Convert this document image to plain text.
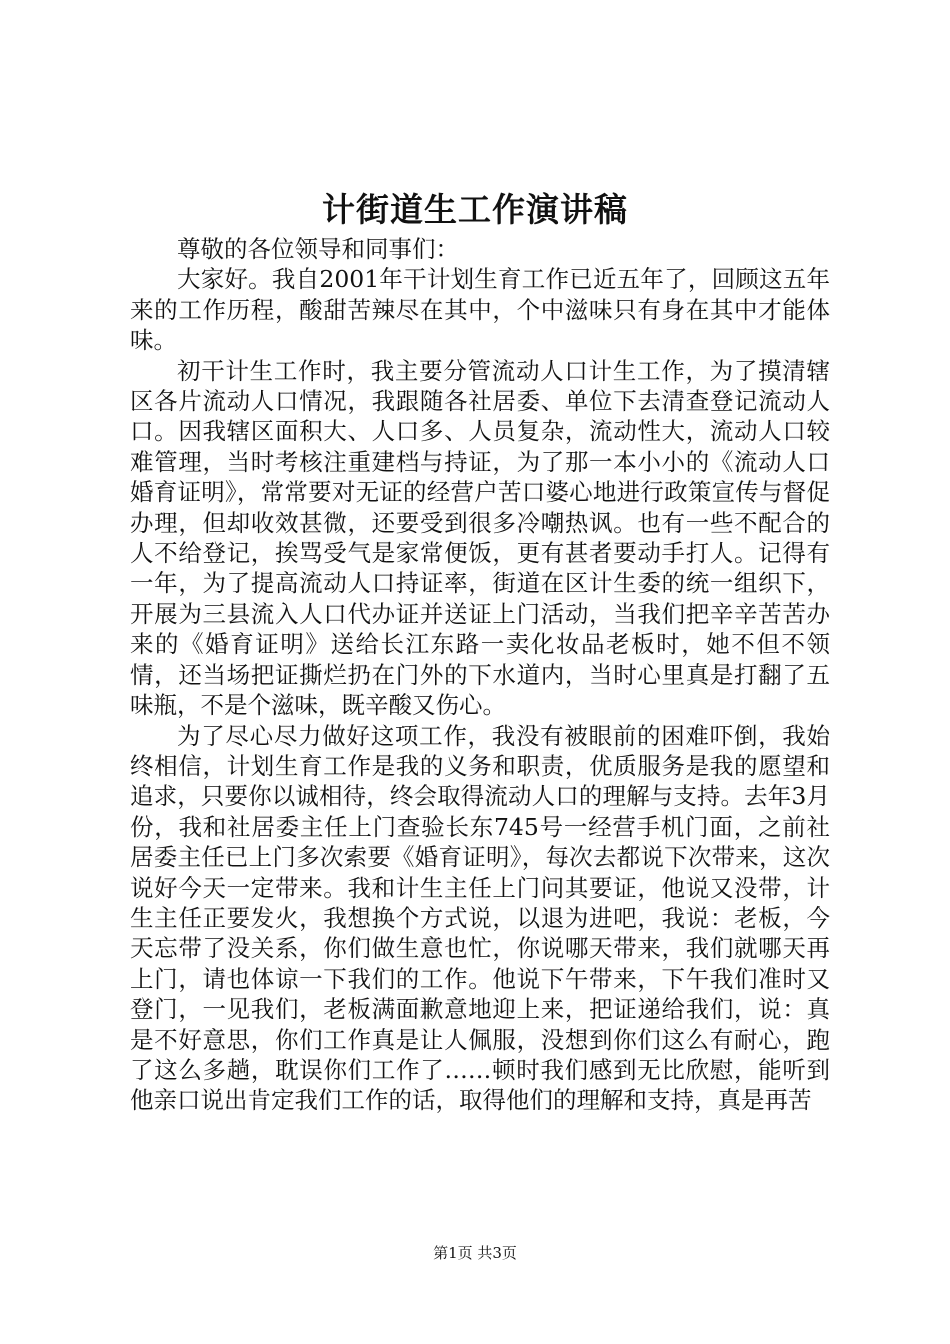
计街道生工作演讲稿

尊敬的各位领导和同事们：

大家好。我自2001年干计划生育工作已近五年了，回顾这五年来的工作历程，酸甜苦辣尽在其中，个中滋味只有身在其中才能体味。

初干计生工作时，我主要分管流动人口计生工作，为了摸清辖区各片流动人口情况，我跟随各社居委、单位下去清查登记流动人口。因我辖区面积大、人口多、人员复杂，流动性大，流动人口较难管理，当时考核注重建档与持证，为了那一本小小的《流动人口婚育证明》，常常要对无证的经营户苦口婆心地进行政策宣传与督促办理，但却收效甚微，还要受到很多冷嘲热讽。也有一些不配合的人不给登记，挨骂受气是家常便饭，更有甚者要动手打人。记得有一年，为了提高流动人口持证率，街道在区计生委的统一组织下，开展为三县流入人口代办证并送证上门活动，当我们把辛辛苦苦办来的《婚育证明》送给长江东路一卖化妆品老板时，她不但不领情，还当场把证撕烂扔在门外的下水道内，当时心里真是打翻了五味瓶，不是个滋味，既辛酸又伤心。

为了尽心尽力做好这项工作，我没有被眼前的困难吓倒，我始终相信，计划生育工作是我的义务和职责，优质服务是我的愿望和追求，只要你以诚相待，终会取得流动人口的理解与支持。去年3月份，我和社居委主任上门查验长东745号一经营手机门面，之前社居委主任已上门多次索要《婚育证明》，每次去都说下次带来，这次说好今天一定带来。我和计生主任上门问其要证，他说又没带，计生主任正要发火，我想换个方式说，以退为进吧，我说：老板，今天忘带了没关系，你们做生意也忙，你说哪天带来，我们就哪天再上门，请也体谅一下我们的工作。他说下午带来，下午我们准时又登门，一见我们，老板满面歉意地迎上来，把证递给我们，说：真是不好意思，你们工作真是让人佩服，没想到你们这么有耐心，跑了这么多趟，耽误你们工作了……顿时我们感到无比欣慰，能听到他亲口说出肯定我们工作的话，取得他们的理解和支持，真是再苦

第1页 共3页
